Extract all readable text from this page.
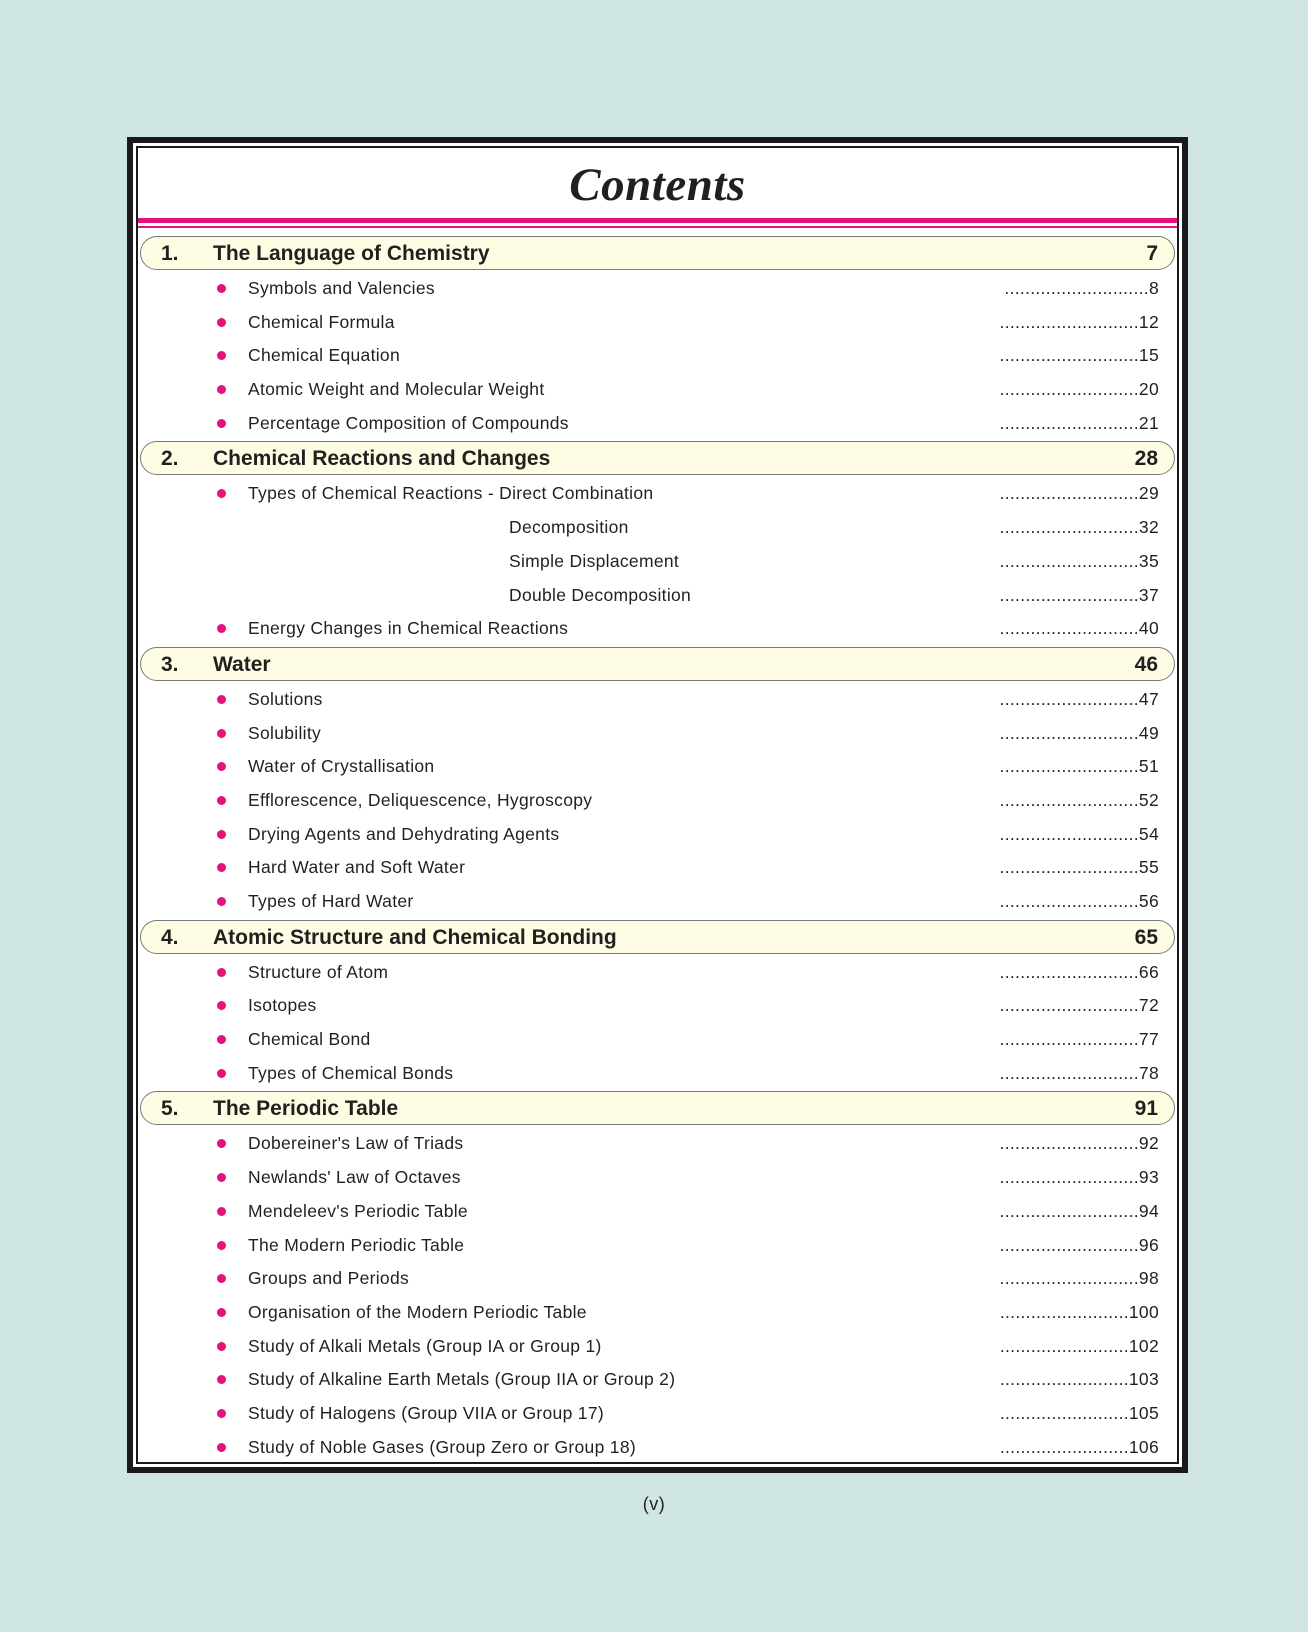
Contents
1. The Language of Chemistry	7
Symbols and Valencies	............................8
Chemical Formula	...........................12
Chemical Equation	...........................15
Atomic Weight and Molecular Weight	...........................20
Percentage Composition of Compounds	...........................21
2. Chemical Reactions and Changes	28
Types of Chemical Reactions - Direct Combination	...........................29
Decomposition	...........................32
Simple Displacement	...........................35
Double Decomposition	...........................37
Energy Changes in Chemical Reactions	...........................40
3. Water	46
Solutions	...........................47
Solubility	...........................49
Water of Crystallisation	...........................51
Efflorescence, Deliquescence, Hygroscopy	...........................52
Drying Agents and Dehydrating Agents	...........................54
Hard Water and Soft Water	...........................55
Types of Hard Water	...........................56
4. Atomic Structure and Chemical Bonding	65
Structure of Atom	...........................66
Isotopes	...........................72
Chemical Bond	...........................77
Types of Chemical Bonds	...........................78
5. The Periodic Table	91
Dobereiner's Law of Triads	...........................92
Newlands' Law of Octaves	...........................93
Mendeleev's Periodic Table	...........................94
The Modern Periodic Table	...........................96
Groups and Periods	...........................98
Organisation of the Modern Periodic Table	.........................100
Study of Alkali Metals (Group IA or Group 1)	.........................102
Study of Alkaline Earth Metals (Group IIA or Group 2)	.........................103
Study of Halogens (Group VIIA or Group 17)	.........................105
Study of Noble Gases (Group Zero or Group 18)	.........................106
(v)
